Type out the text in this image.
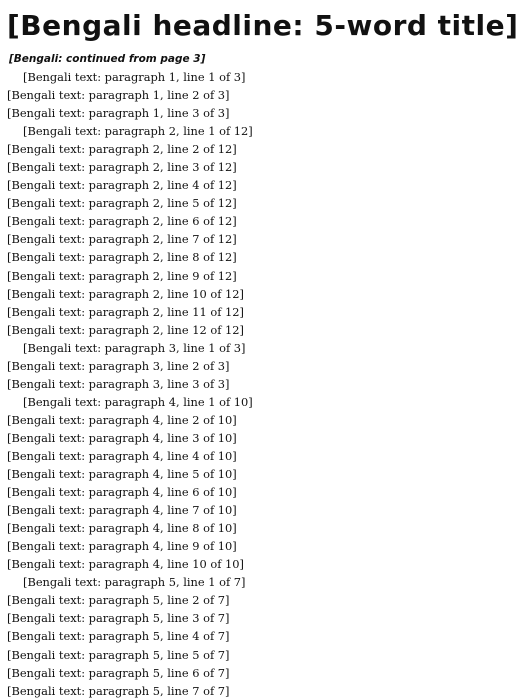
[Bengali headline: 5-word title]
[Bengali: continued from page 3]
[Bengali text: paragraph 1, line 1 of 3]
[Bengali text: paragraph 1, line 2 of 3]
[Bengali text: paragraph 1, line 3 of 3]
[Bengali text: paragraph 2, line 1 of 12]
[Bengali text: paragraph 2, line 2 of 12]
[Bengali text: paragraph 2, line 3 of 12]
[Bengali text: paragraph 2, line 4 of 12]
[Bengali text: paragraph 2, line 5 of 12]
[Bengali text: paragraph 2, line 6 of 12]
[Bengali text: paragraph 2, line 7 of 12]
[Bengali text: paragraph 2, line 8 of 12]
[Bengali text: paragraph 2, line 9 of 12]
[Bengali text: paragraph 2, line 10 of 12]
[Bengali text: paragraph 2, line 11 of 12]
[Bengali text: paragraph 2, line 12 of 12]
[Bengali text: paragraph 3, line 1 of 3]
[Bengali text: paragraph 3, line 2 of 3]
[Bengali text: paragraph 3, line 3 of 3]
[Bengali text: paragraph 4, line 1 of 10]
[Bengali text: paragraph 4, line 2 of 10]
[Bengali text: paragraph 4, line 3 of 10]
[Bengali text: paragraph 4, line 4 of 10]
[Bengali text: paragraph 4, line 5 of 10]
[Bengali text: paragraph 4, line 6 of 10]
[Bengali text: paragraph 4, line 7 of 10]
[Bengali text: paragraph 4, line 8 of 10]
[Bengali text: paragraph 4, line 9 of 10]
[Bengali text: paragraph 4, line 10 of 10]
[Bengali text: paragraph 5, line 1 of 7]
[Bengali text: paragraph 5, line 2 of 7]
[Bengali text: paragraph 5, line 3 of 7]
[Bengali text: paragraph 5, line 4 of 7]
[Bengali text: paragraph 5, line 5 of 7]
[Bengali text: paragraph 5, line 6 of 7]
[Bengali text: paragraph 5, line 7 of 7]
